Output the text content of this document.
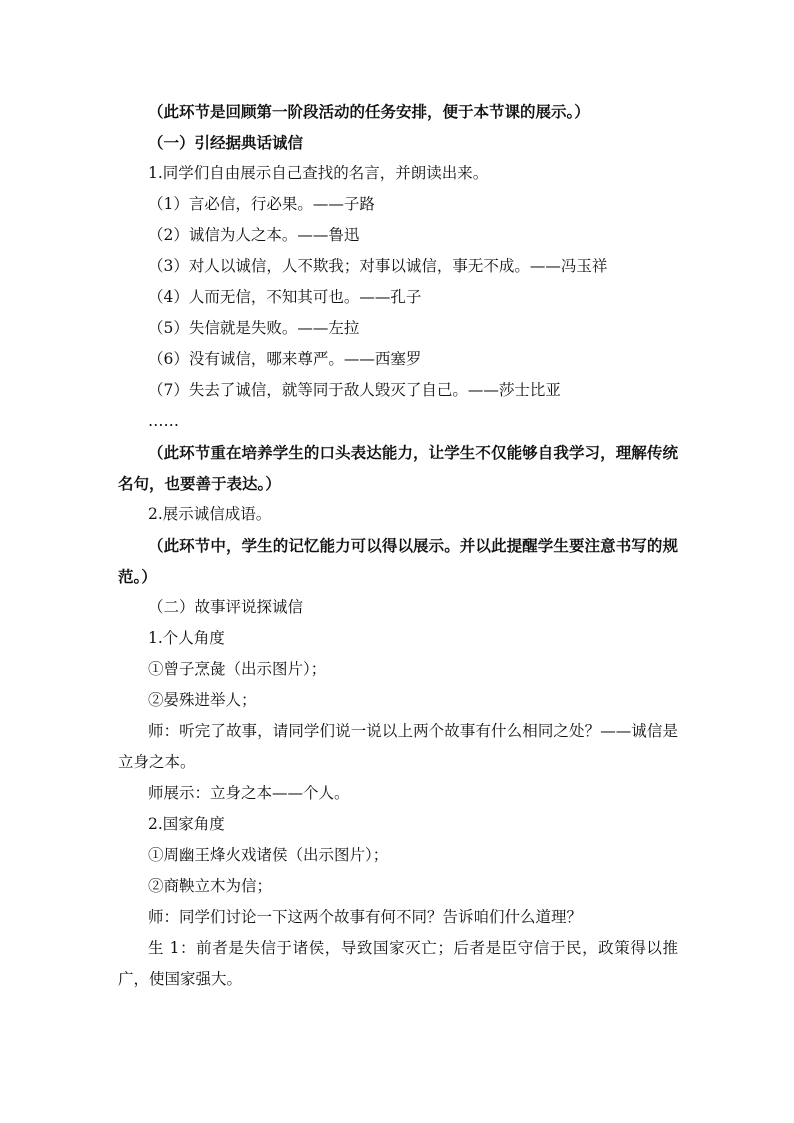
（此环节是回顾第一阶段活动的任务安排，便于本节课的展示。）

（一）引经据典话诚信

1.同学们自由展示自己查找的名言，并朗读出来。

（1）言必信，行必果。——子路

（2）诚信为人之本。——鲁迅

（3）对人以诚信，人不欺我；对事以诚信，事无不成。——冯玉祥

（4）人而无信，不知其可也。——孔子

（5）失信就是失败。——左拉

（6）没有诚信，哪来尊严。——西塞罗

（7）失去了诚信，就等同于敌人毁灭了自己。——莎士比亚

……

（此环节重在培养学生的口头表达能力，让学生不仅能够自我学习，理解传统名句，也要善于表达。）

2.展示诚信成语。

（此环节中，学生的记忆能力可以得以展示。并以此提醒学生要注意书写的规范。）

（二）故事评说探诚信

1.个人角度

①曾子烹彘（出示图片）；

②晏殊进举人；

师：听完了故事，请同学们说一说以上两个故事有什么相同之处？——诚信是立身之本。

师展示：立身之本——个人。

2.国家角度

①周幽王烽火戏诸侯（出示图片）；

②商鞅立木为信；

师：同学们讨论一下这两个故事有何不同？告诉咱们什么道理？

生 1：前者是失信于诸侯，导致国家灭亡；后者是臣守信于民，政策得以推广，使国家强大。
